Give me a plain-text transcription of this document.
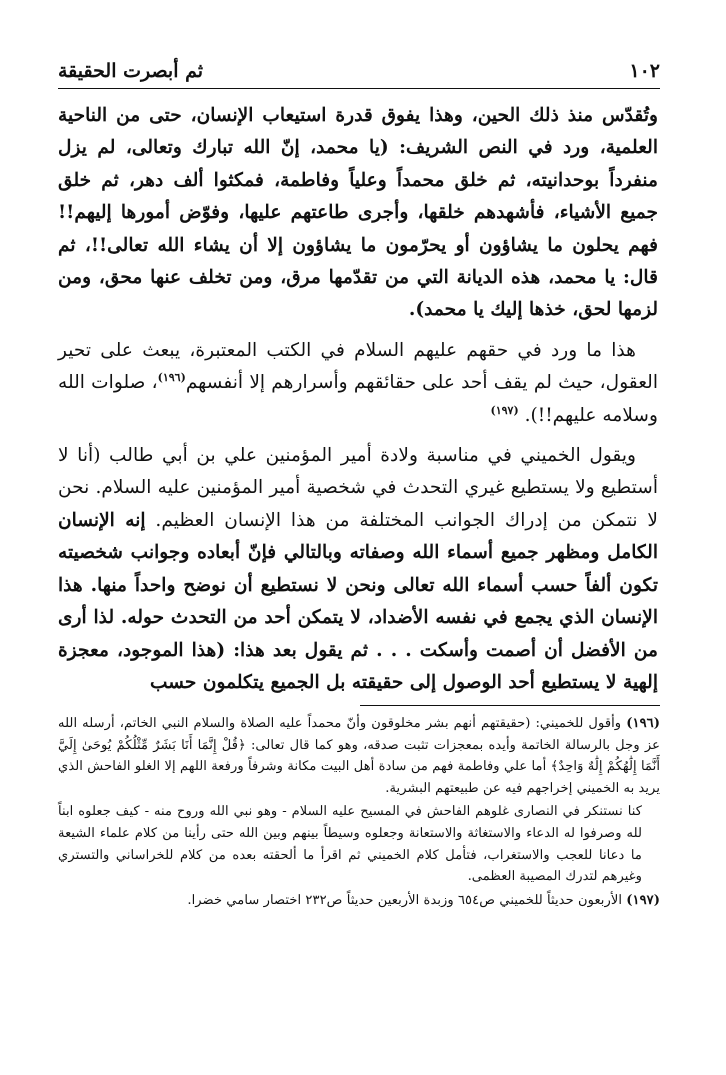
١٠٢
ثم أبصرت الحقيقة

وتُقدّس منذ ذلك الحين، وهذا يفوق قدرة استيعاب الإنسان، حتى من الناحية العلمية، ورد في النص الشريف: (يا محمد، إنّ الله تبارك وتعالى، لم يزل منفرداً بوحدانيته، ثم خلق محمداً وعلياً وفاطمة، فمكثوا ألف دهر، ثم خلق جميع الأشياء، فأشهدهم خلقها، وأجرى طاعتهم عليها، وفوّض أمورها إليهم!! فهم يحلون ما يشاؤون أو يحرّمون ما يشاؤون إلا أن يشاء الله تعالى!!، ثم قال: يا محمد، هذه الديانة التي من تقدّمها مرق، ومن تخلف عنها محق، ومن لزمها لحق، خذها إليك يا محمد).

هذا ما ورد في حقهم عليهم السلام في الكتب المعتبرة، يبعث على تحير العقول، حيث لم يقف أحد على حقائقهم وأسرارهم إلا أنفسهم$^{(١٩٦)}$، صلوات الله وسلامه عليهم!!). $^{(١٩٧)}$

ويقول الخميني في مناسبة ولادة أمير المؤمنين علي بن أبي طالب (أنا لا أستطيع ولا يستطيع غيري التحدث في شخصية أمير المؤمنين عليه السلام. نحن لا نتمكن من إدراك الجوانب المختلفة من هذا الإنسان العظيم. إنه الإنسان الكامل ومظهر جميع أسماء الله وصفاته وبالتالي فإنّ أبعاده وجوانب شخصيته تكون ألفاً حسب أسماء الله تعالى ونحن لا نستطيع أن نوضح واحداً منها. هذا الإنسان الذي يجمع في نفسه الأضداد، لا يتمكن أحد من التحدث حوله. لذا أرى من الأفضل أن أصمت وأسكت . . . ثم يقول بعد هذا: (هذا الموجود، معجزة إلهية لا يستطيع أحد الوصول إلى حقيقته بل الجميع يتكلمون حسب

(١٩٦) وأقول للخميني: (حقيقتهم أنهم بشر مخلوقون وأنّ محمداً عليه الصلاة والسلام النبي الخاتم، أرسله الله عز وجل بالرسالة الخاتمة وأيده بمعجزات تثبت صدقه، وهو كما قال تعالى: ﴿قُلْ إِنَّمَا أَنَا بَشَرٌ مِّثْلُكُمْ يُوحَىٰ إِلَيَّ أَنَّمَا إِلَٰهُكُمْ إِلَٰهٌ وَاحِدٌ﴾ أما علي وفاطمة فهم من سادة أهل البيت مكانة وشرفاً ورفعة اللهم إلا الغلو الفاحش الذي يريد به الخميني إخراجهم فيه عن طبيعتهم البشرية.

كنا نستنكر في النصارى غلوهم الفاحش في المسيح عليه السلام - وهو نبي الله وروح منه - كيف جعلوه ابناً لله وصرفوا له الدعاء والاستغاثة والاستعانة وجعلوه وسيطاً بينهم وبين الله حتى رأينا من كلام علماء الشيعة ما دعانا للعجب والاستغراب، فتأمل كلام الخميني ثم اقرأ ما ألحقته بعده من كلام للخراساني والتستري وغيرهم لتدرك المصيبة العظمى.

(١٩٧) الأربعون حديثاً للخميني ص٦٥٤ وزبدة الأربعين حديثاً ص٢٣٢ اختصار سامي خضرا.
